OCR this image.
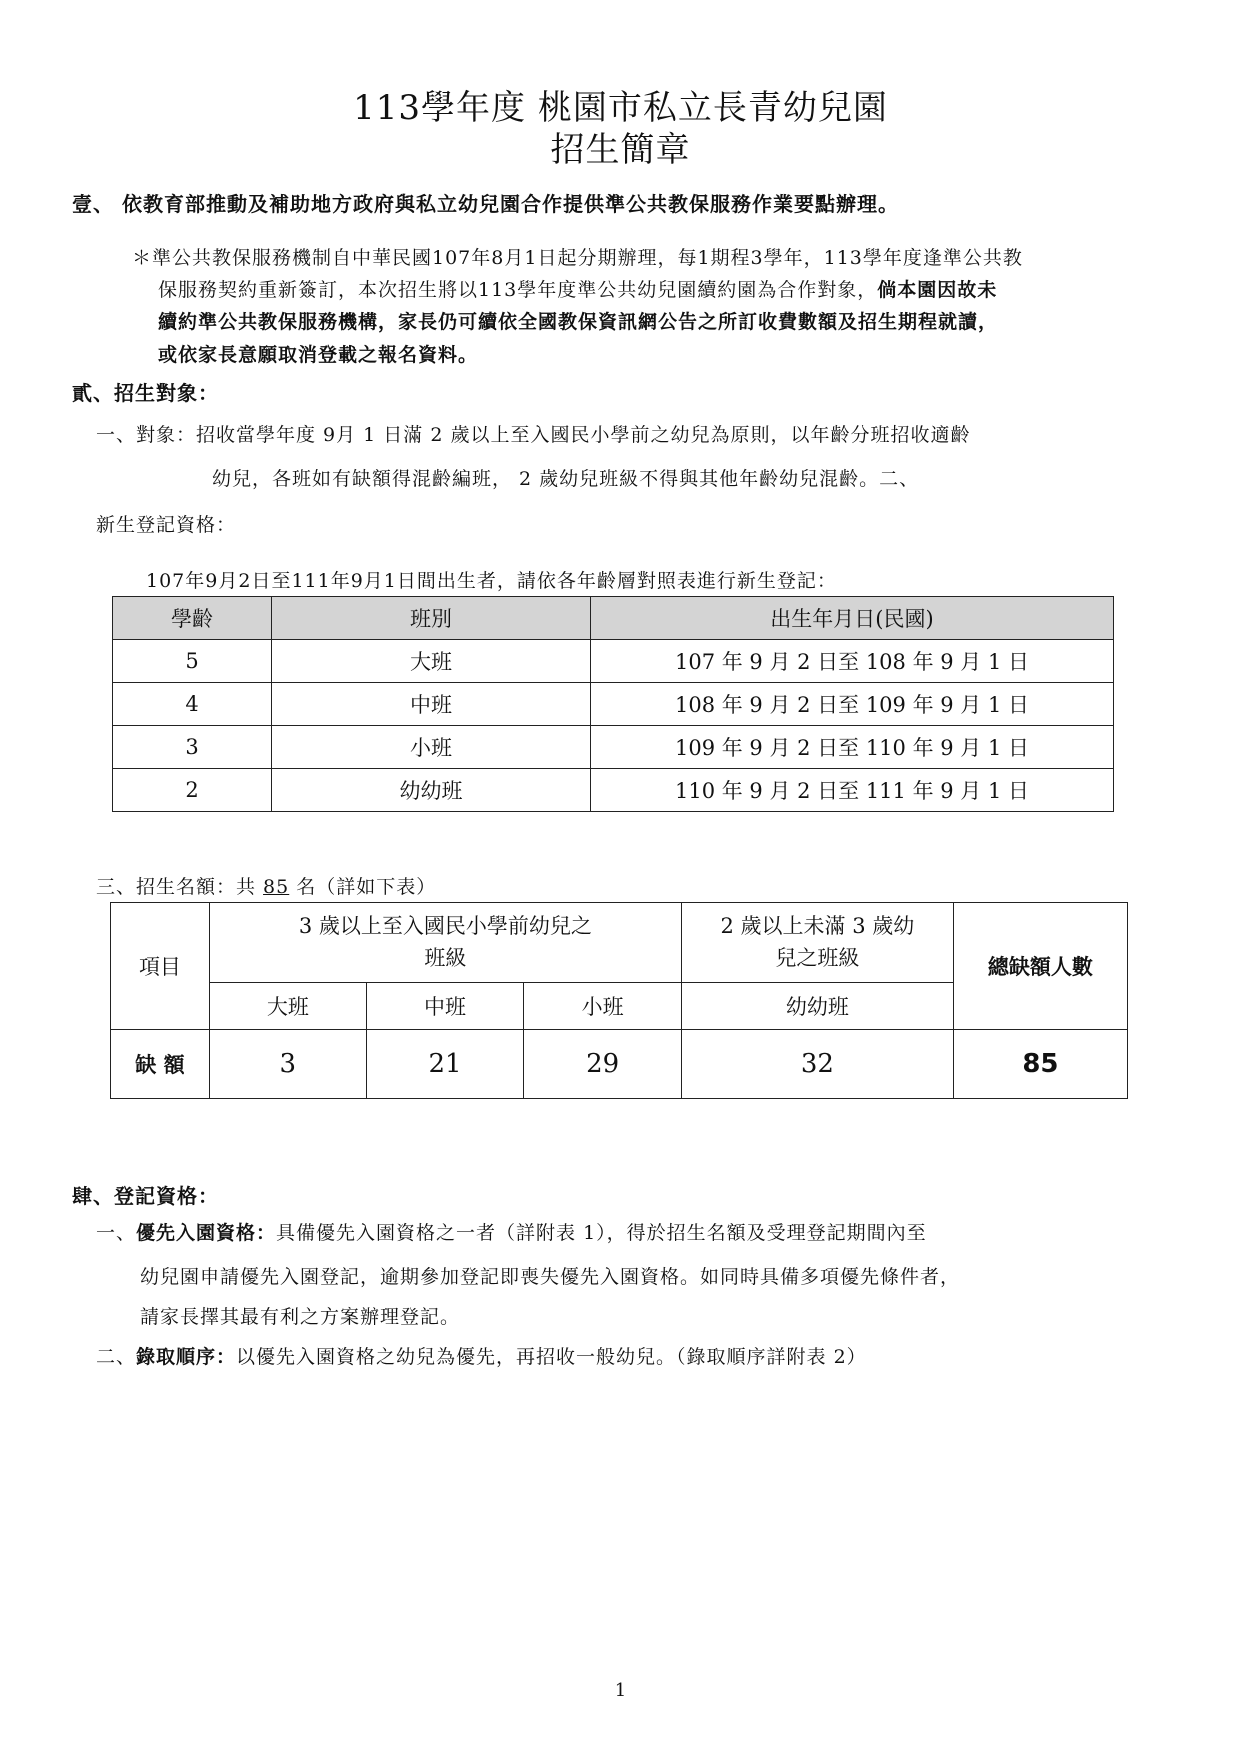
113學年度 桃園市私立長青幼兒園
招生簡章
壹、 依教育部推動及補助地方政府與私立幼兒園合作提供準公共教保服務作業要點辦理。
＊準公共教保服務機制自中華民國107年8月1日起分期辦理，每1期程3學年，113學年度逢準公共教
保服務契約重新簽訂，本次招生將以113學年度準公共幼兒園續約園為合作對象，倘本園因故未
續約準公共教保服務機構，家長仍可續依全國教保資訊網公告之所訂收費數額及招生期程就讀，
或依家長意願取消登載之報名資料。
貳、招生對象：
一、對象：招收當學年度 9月 1 日滿 2 歲以上至入國民小學前之幼兒為原則，以年齡分班招收適齡
幼兒，各班如有缺額得混齡編班， 2 歲幼兒班級不得與其他年齡幼兒混齡。二、
新生登記資格：
107年9月2日至111年9月1日間出生者，請依各年齡層對照表進行新生登記：
學齡	班別	出生年月日(民國)
5	大班	107 年 9 月 2 日至 108 年 9 月 1 日
4	中班	108 年 9 月 2 日至 109 年 9 月 1 日
3	小班	109 年 9 月 2 日至 110 年 9 月 1 日
2	幼幼班	110 年 9 月 2 日至 111 年 9 月 1 日
三、招生名額：共 85 名（詳如下表）
項目	3 歲以上至入國民小學前幼兒之班級			2 歲以上未滿 3 歲幼兒之班級	總缺額人數
	大班	中班	小班	幼幼班	
缺 額	3	21	29	32	85
肆、登記資格：
一、優先入園資格：具備優先入園資格之一者（詳附表 1），得於招生名額及受理登記期間內至
幼兒園申請優先入園登記，逾期參加登記即喪失優先入園資格。如同時具備多項優先條件者，
請家長擇其最有利之方案辦理登記。
二、錄取順序：以優先入園資格之幼兒為優先，再招收一般幼兒。（錄取順序詳附表 2）
1
